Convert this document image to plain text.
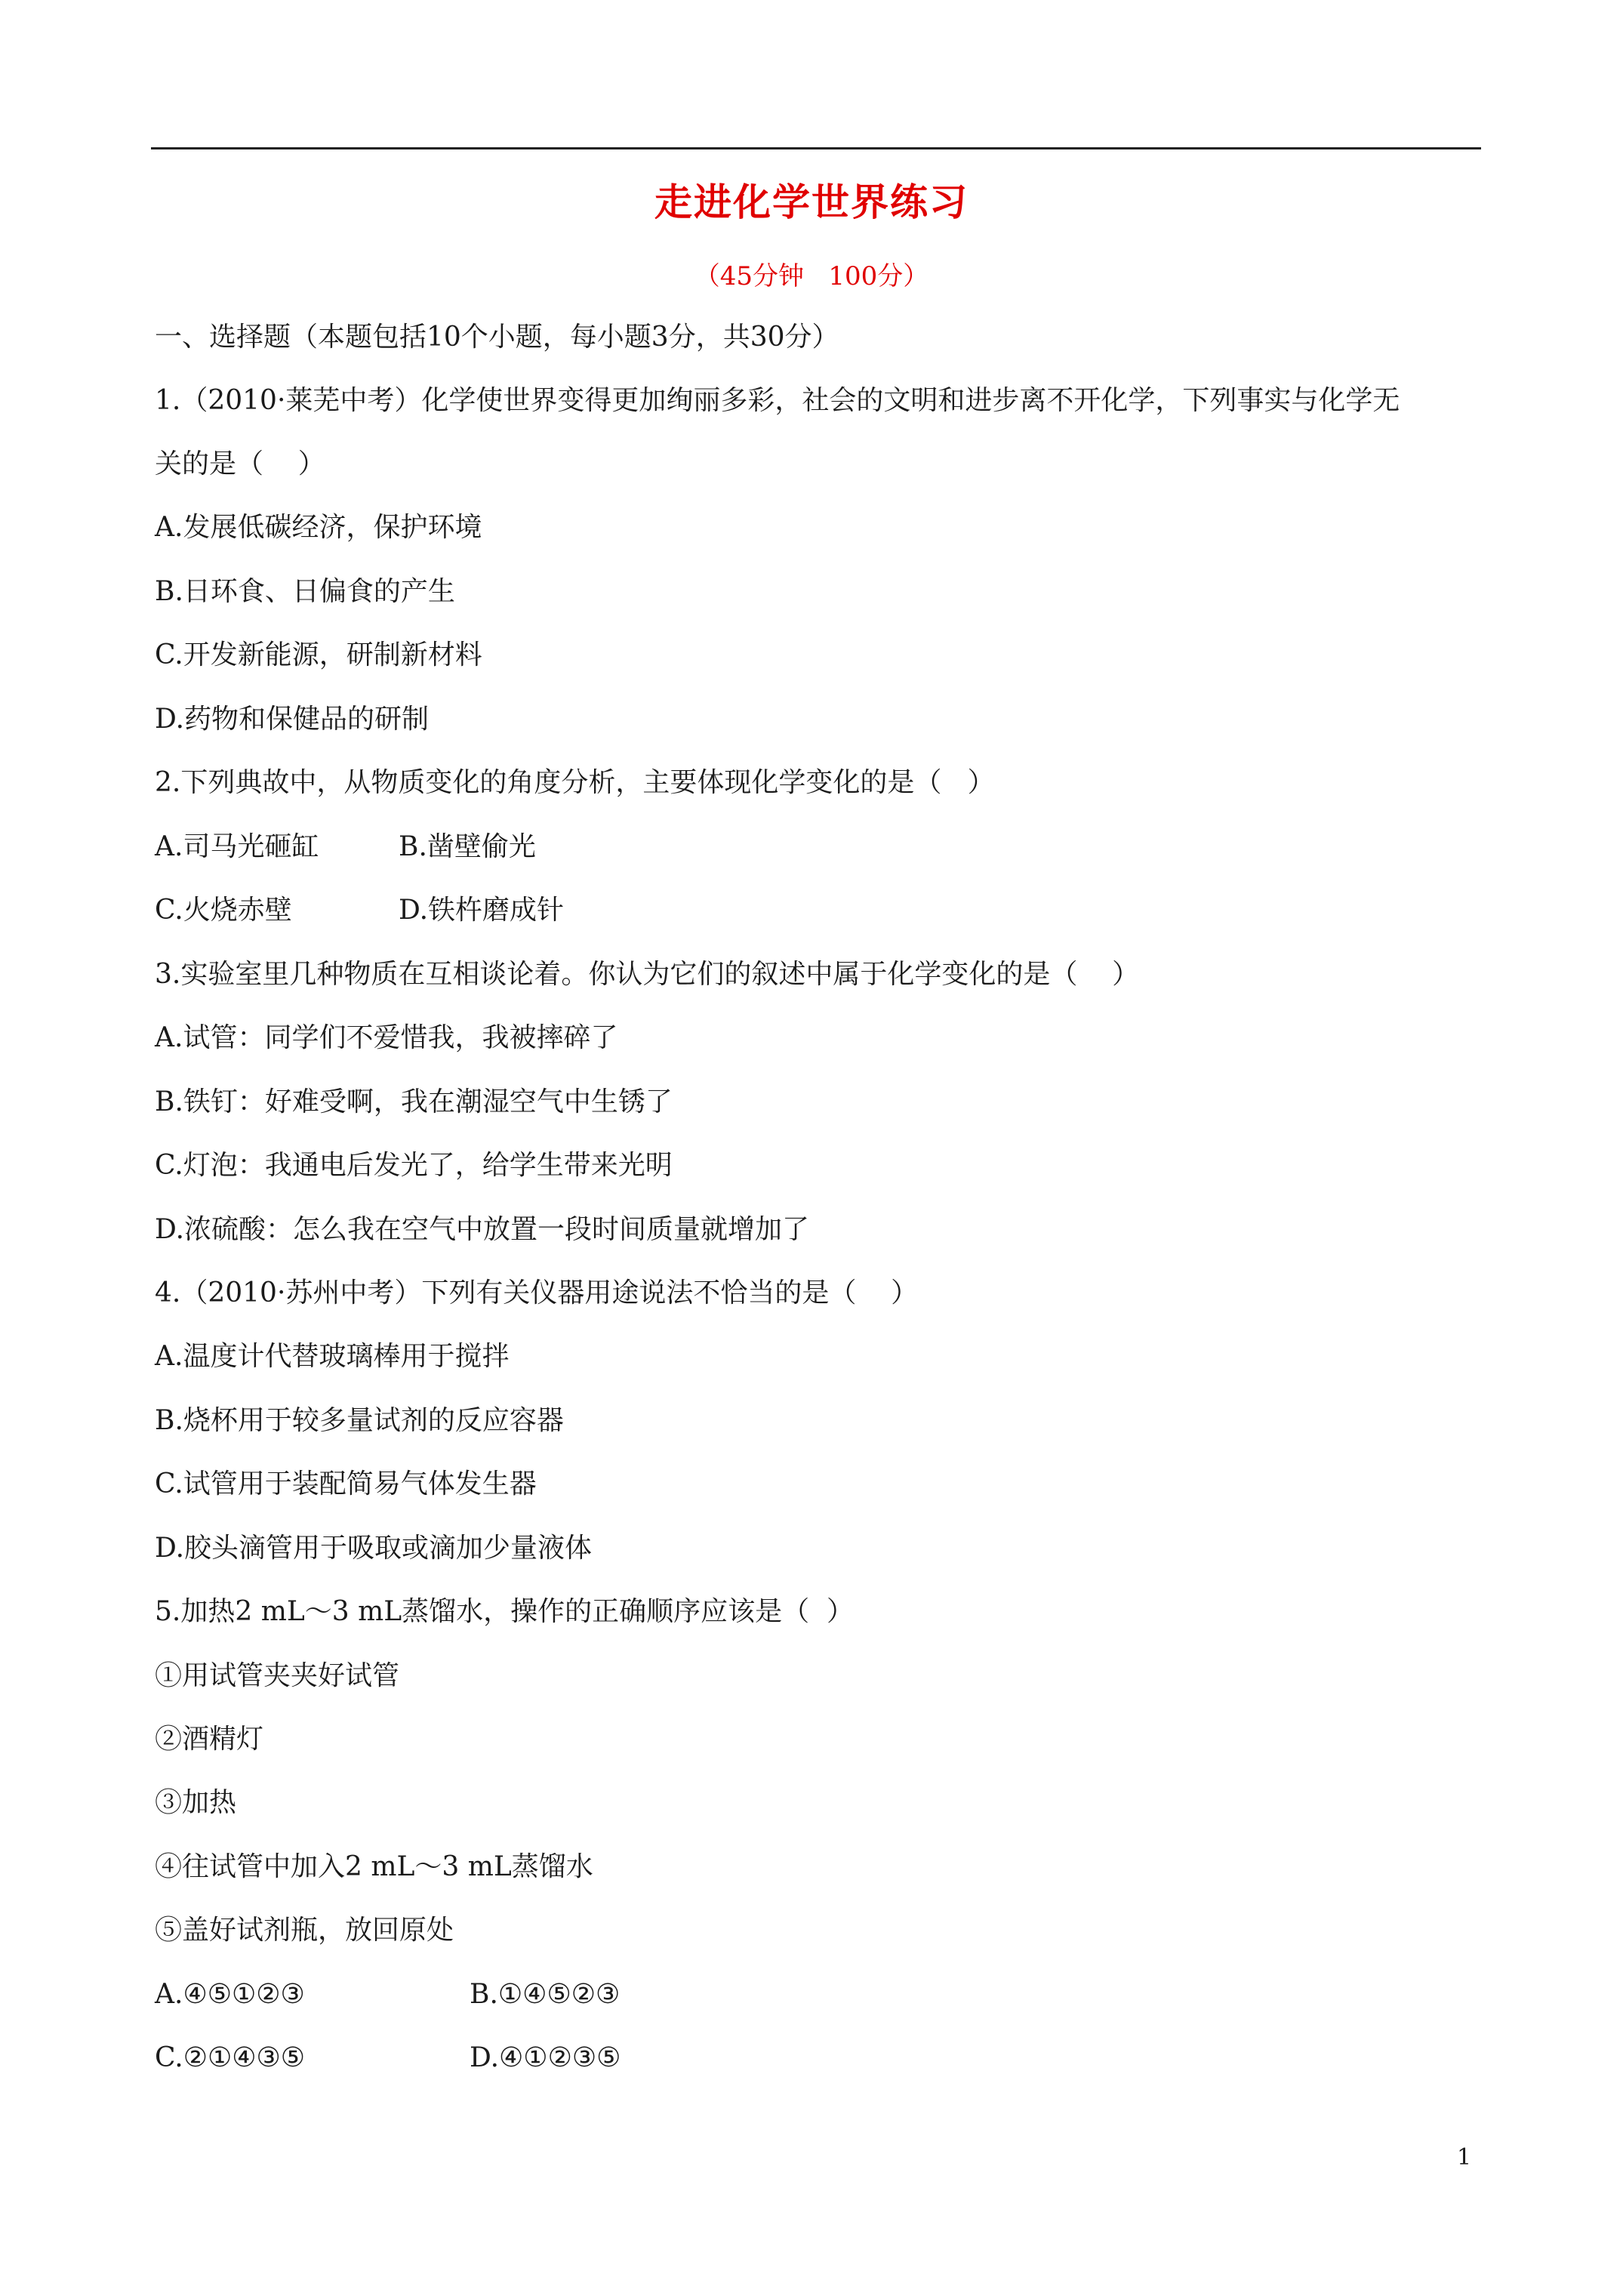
走进化学世界练习
（45分钟   100分）
一、选择题（本题包括10个小题，每小题3分，共30分）
1.（2010·莱芜中考）化学使世界变得更加绚丽多彩，社会的文明和进步离不开化学，下列事实与化学无
关的是（    ）
A.发展低碳经济，保护环境
B.日环食、日偏食的产生
C.开发新能源，研制新材料
D.药物和保健品的研制
2.下列典故中，从物质变化的角度分析，主要体现化学变化的是（   ）
A.司马光砸缸	B.凿壁偷光
C.火烧赤壁	D.铁杵磨成针
3.实验室里几种物质在互相谈论着。你认为它们的叙述中属于化学变化的是（    ）
A.试管：同学们不爱惜我，我被摔碎了
B.铁钉：好难受啊，我在潮湿空气中生锈了
C.灯泡：我通电后发光了，给学生带来光明
D.浓硫酸：怎么我在空气中放置一段时间质量就增加了
4.（2010·苏州中考）下列有关仪器用途说法不恰当的是（    ）
A.温度计代替玻璃棒用于搅拌
B.烧杯用于较多量试剂的反应容器
C.试管用于装配简易气体发生器
D.胶头滴管用于吸取或滴加少量液体
5.加热2 mL～3 mL蒸馏水，操作的正确顺序应该是（  ）
①用试管夹夹好试管
②酒精灯
③加热
④往试管中加入2 mL～3 mL蒸馏水
⑤盖好试剂瓶，放回原处
A.④⑤①②③	B.①④⑤②③
C.②①④③⑤	D.④①②③⑤
1
